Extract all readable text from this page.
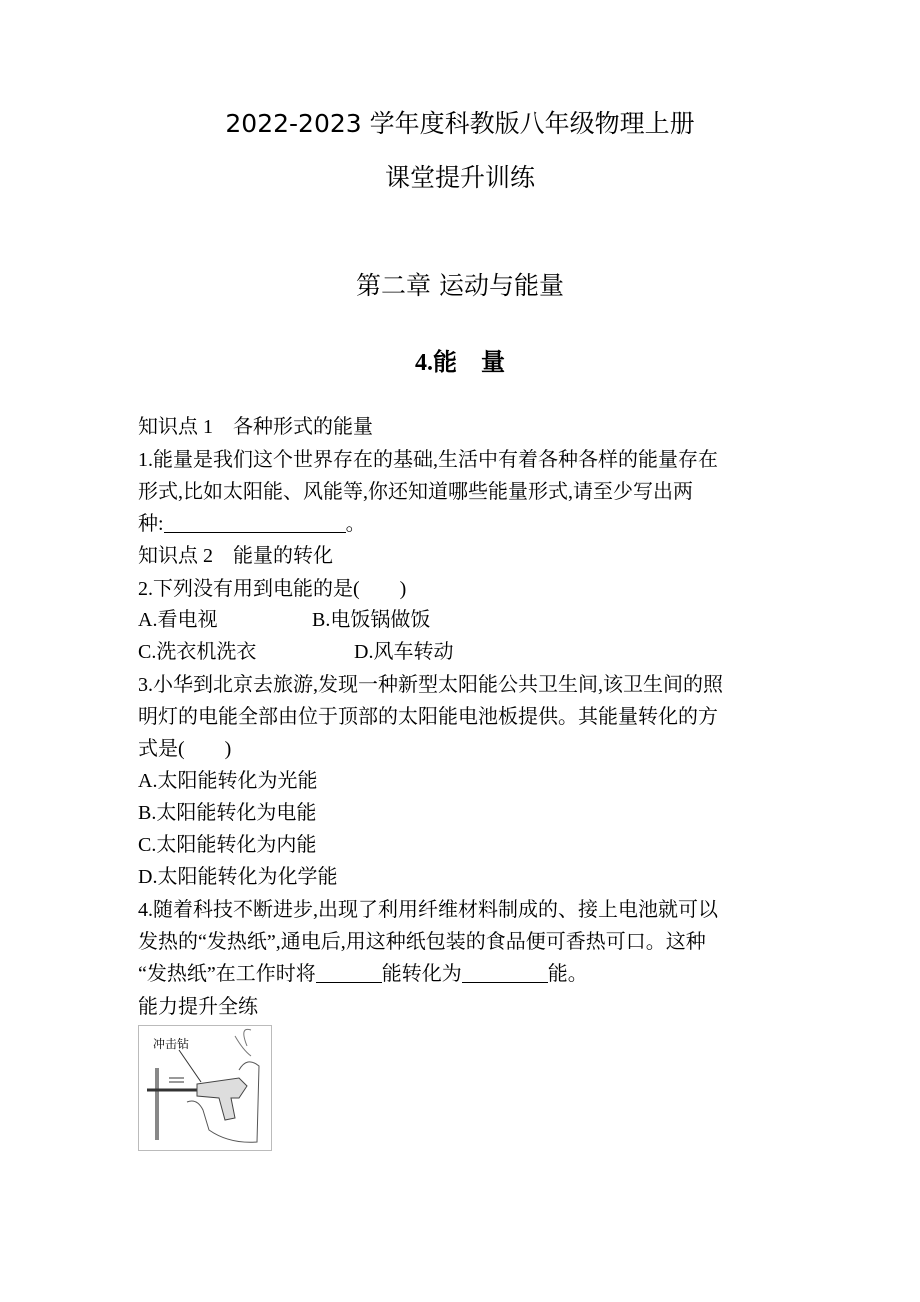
2022-2023 学年度科教版八年级物理上册
课堂提升训练
第二章 运动与能量
4.能    量
知识点 1    各种形式的能量
1.能量是我们这个世界存在的基础,生活中有着各种各样的能量存在
形式,比如太阳能、风能等,你还知道哪些能量形式,请至少写出两
种:	。
知识点 2    能量的转化
2.下列没有用到电能的是(        )
A.看电视	B.电饭锅做饭
C.洗衣机洗衣	D.风车转动
3.小华到北京去旅游,发现一种新型太阳能公共卫生间,该卫生间的照
明灯的电能全部由位于顶部的太阳能电池板提供。其能量转化的方
式是(        )
A.太阳能转化为光能
B.太阳能转化为电能
C.太阳能转化为内能
D.太阳能转化为化学能
4.随着科技不断进步,出现了利用纤维材料制成的、接上电池就可以
发热的“发热纸”,通电后,用这种纸包装的食品便可香热可口。这种
“发热纸”在工作时将	能转化为	能。
能力提升全练
冲击钻
